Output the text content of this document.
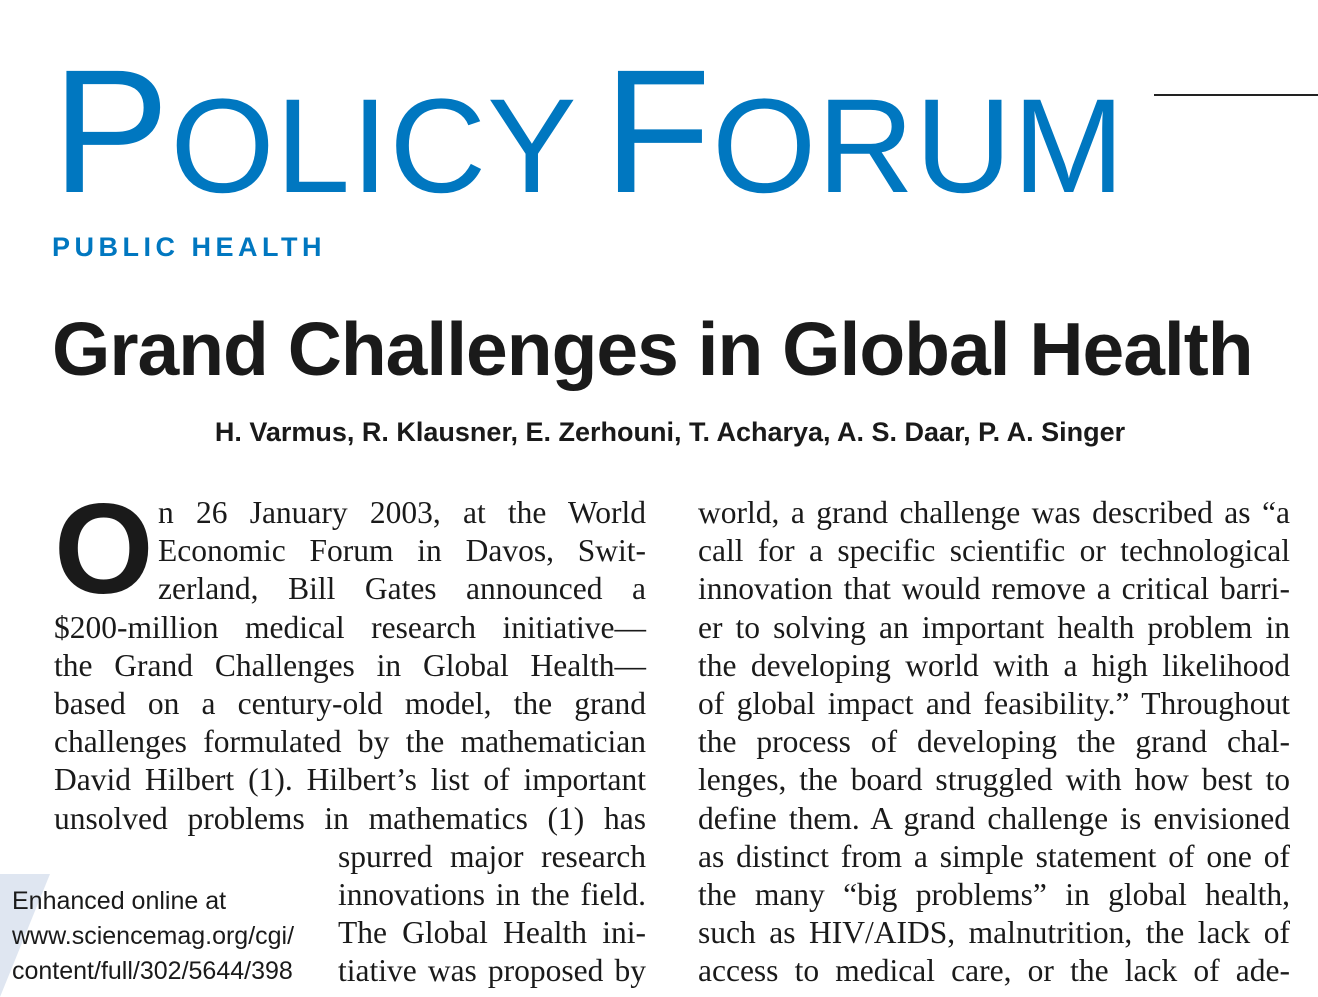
POLICY FORUM
PUBLIC HEALTH
Grand Challenges in Global Health
H. Varmus, R. Klausner, E. Zerhouni, T. Acharya, A. S. Daar, P. A. Singer
O n 26 January 2003, at the World
Economic Forum in Davos, Swit-
zerland, Bill Gates announced a
$200-million medical research initiative—
the Grand Challenges in Global Health—
based on a century-old model, the grand
challenges formulated by the mathematician
David Hilbert (1). Hilbert’s list of important
unsolved problems in mathematics (1) has
spurred major research
innovations in the field.
The Global Health ini-
tiative was proposed by
world, a grand challenge was described as “a
call for a specific scientific or technological
innovation that would remove a critical barri-
er to solving an important health problem in
the developing world with a high likelihood
of global impact and feasibility.” Throughout
the process of developing the grand chal-
lenges, the board struggled with how best to
define them. A grand challenge is envisioned
as distinct from a simple statement of one of
the many “big problems” in global health,
such as HIV/AIDS, malnutrition, the lack of
access to medical care, or the lack of ade-
Enhanced online at
www.sciencemag.org/cgi/
content/full/302/5644/398
